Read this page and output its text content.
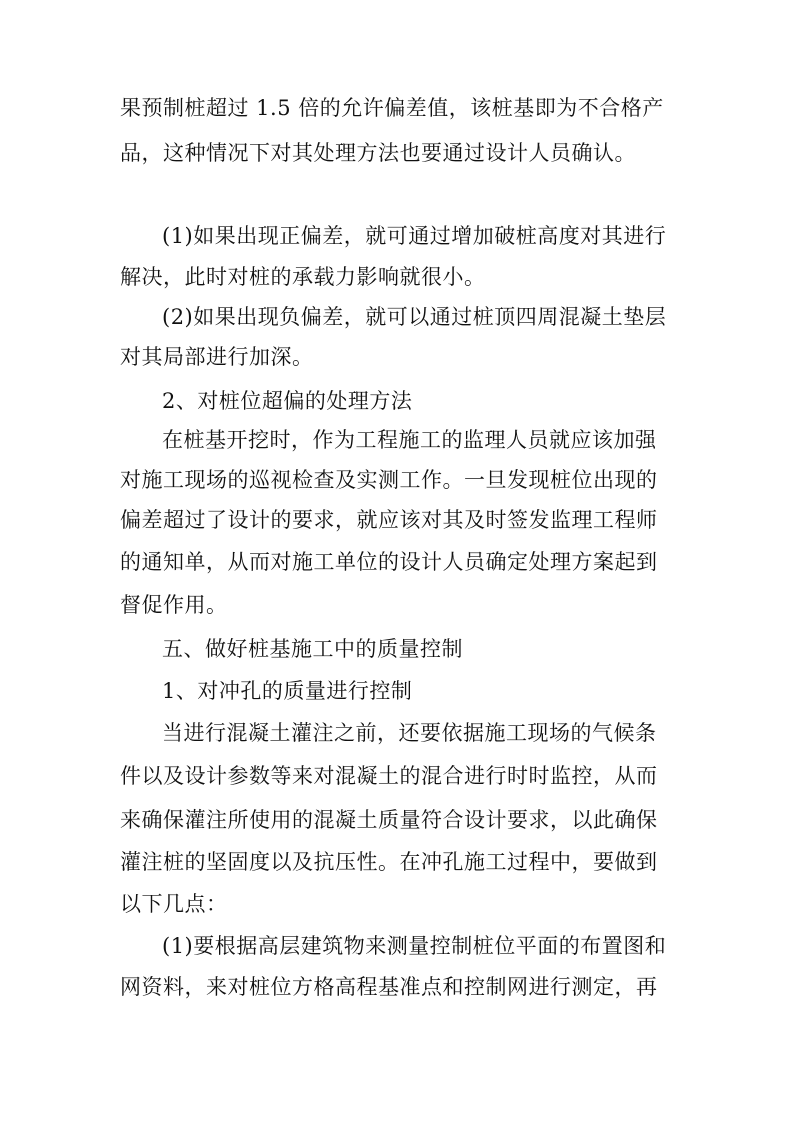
果预制桩超过 1.5 倍的允许偏差值，该桩基即为不合格产
品，这种情况下对其处理方法也要通过设计人员确认。
(1)如果出现正偏差，就可通过增加破桩高度对其进行
解决，此时对桩的承载力影响就很小。
(2)如果出现负偏差，就可以通过桩顶四周混凝土垫层
对其局部进行加深。
2、对桩位超偏的处理方法
在桩基开挖时，作为工程施工的监理人员就应该加强
对施工现场的巡视检查及实测工作。一旦发现桩位出现的
偏差超过了设计的要求，就应该对其及时签发监理工程师
的通知单，从而对施工单位的设计人员确定处理方案起到
督促作用。
五、做好桩基施工中的质量控制
1、对冲孔的质量进行控制
当进行混凝土灌注之前，还要依据施工现场的气候条
件以及设计参数等来对混凝土的混合进行时时监控，从而
来确保灌注所使用的混凝土质量符合设计要求，以此确保
灌注桩的坚固度以及抗压性。在冲孔施工过程中，要做到
以下几点：
(1)要根据高层建筑物来测量控制桩位平面的布置图和
网资料，来对桩位方格高程基准点和控制网进行测定，再
